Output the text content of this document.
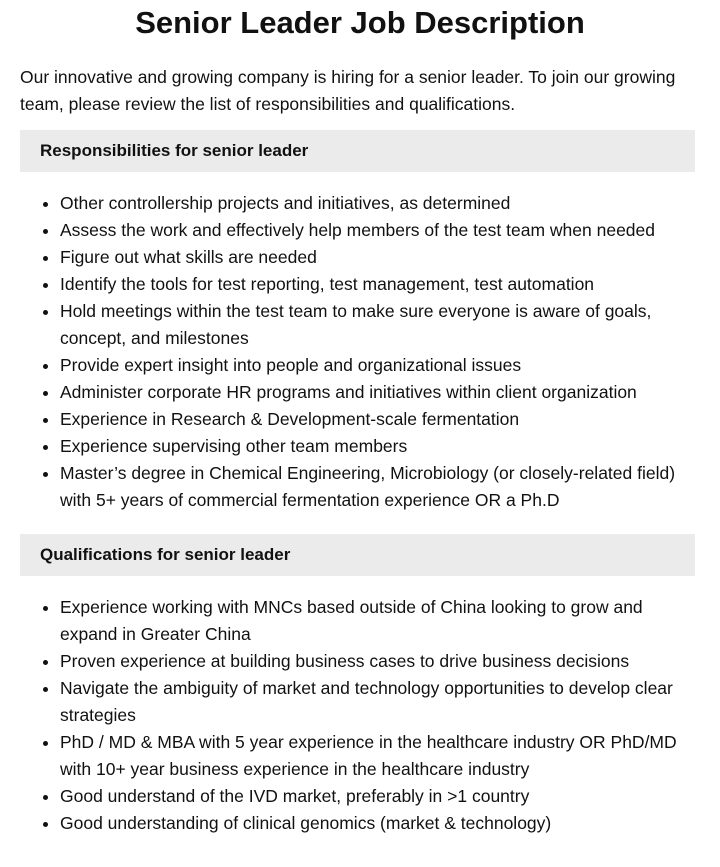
Senior Leader Job Description

Our innovative and growing company is hiring for a senior leader. To join our growing team, please review the list of responsibilities and qualifications.

Responsibilities for senior leader
• Other controllership projects and initiatives, as determined
• Assess the work and effectively help members of the test team when needed
• Figure out what skills are needed
• Identify the tools for test reporting, test management, test automation
• Hold meetings within the test team to make sure everyone is aware of goals, concept, and milestones
• Provide expert insight into people and organizational issues
• Administer corporate HR programs and initiatives within client organization
• Experience in Research & Development-scale fermentation
• Experience supervising other team members
• Master’s degree in Chemical Engineering, Microbiology (or closely-related field) with 5+ years of commercial fermentation experience OR a Ph.D
Qualifications for senior leader
• Experience working with MNCs based outside of China looking to grow and expand in Greater China
• Proven experience at building business cases to drive business decisions
• Navigate the ambiguity of market and technology opportunities to develop clear strategies
• PhD / MD & MBA with 5 year experience in the healthcare industry OR PhD/MD with 10+ year business experience in the healthcare industry
• Good understand of the IVD market, preferably in >1 country
• Good understanding of clinical genomics (market & technology)
